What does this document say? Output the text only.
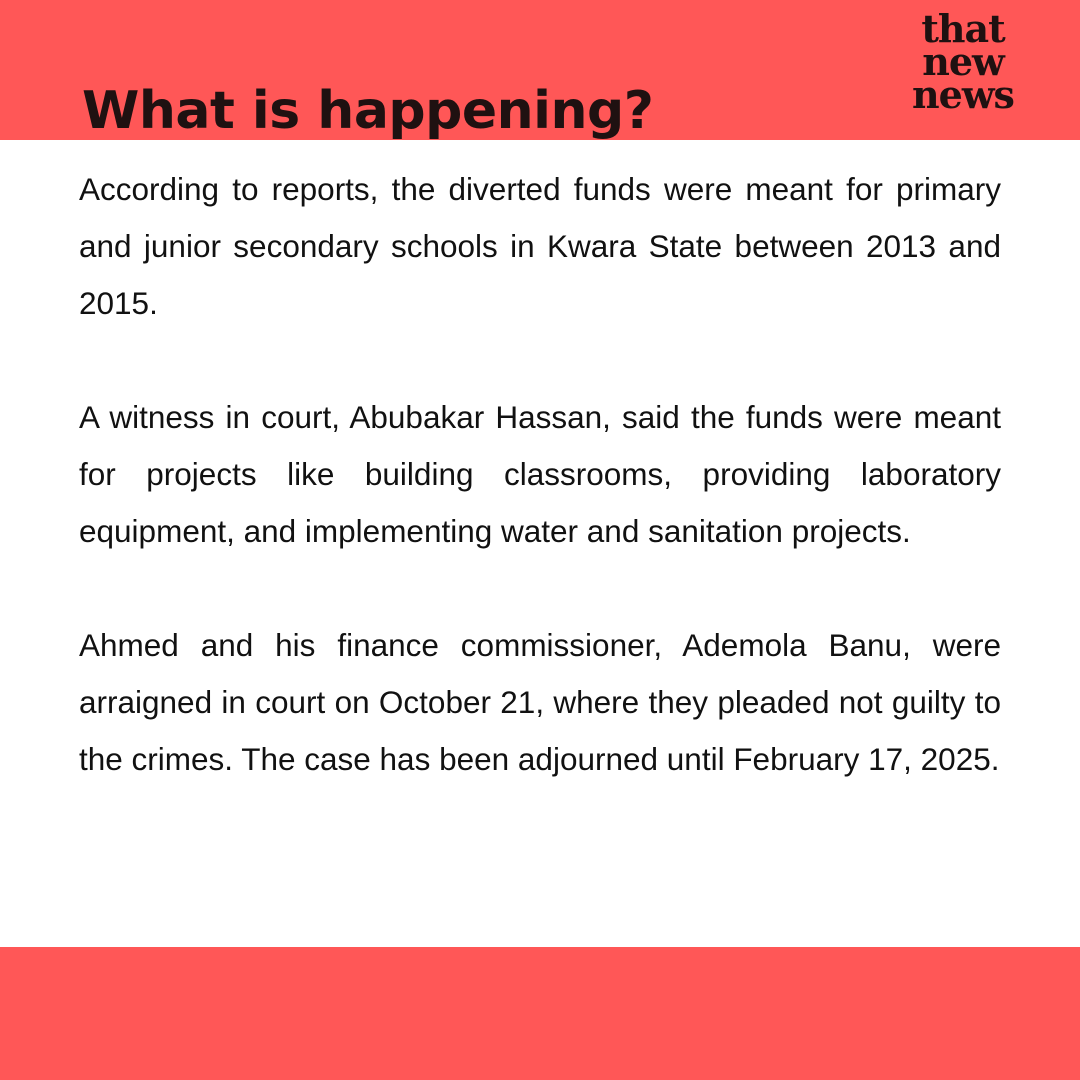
that new
news
What is happening?

According to reports, the diverted funds were meant for primary and junior secondary schools in Kwara State between 2013 and 2015.

A witness in court, Abubakar Hassan, said the funds were meant for projects like building classrooms, providing laboratory equipment, and implementing water and sanitation projects.

Ahmed and his finance commissioner, Ademola Banu, were arraigned in court on October 21, where they pleaded not guilty to the crimes. The case has been adjourned until February 17, 2025.
